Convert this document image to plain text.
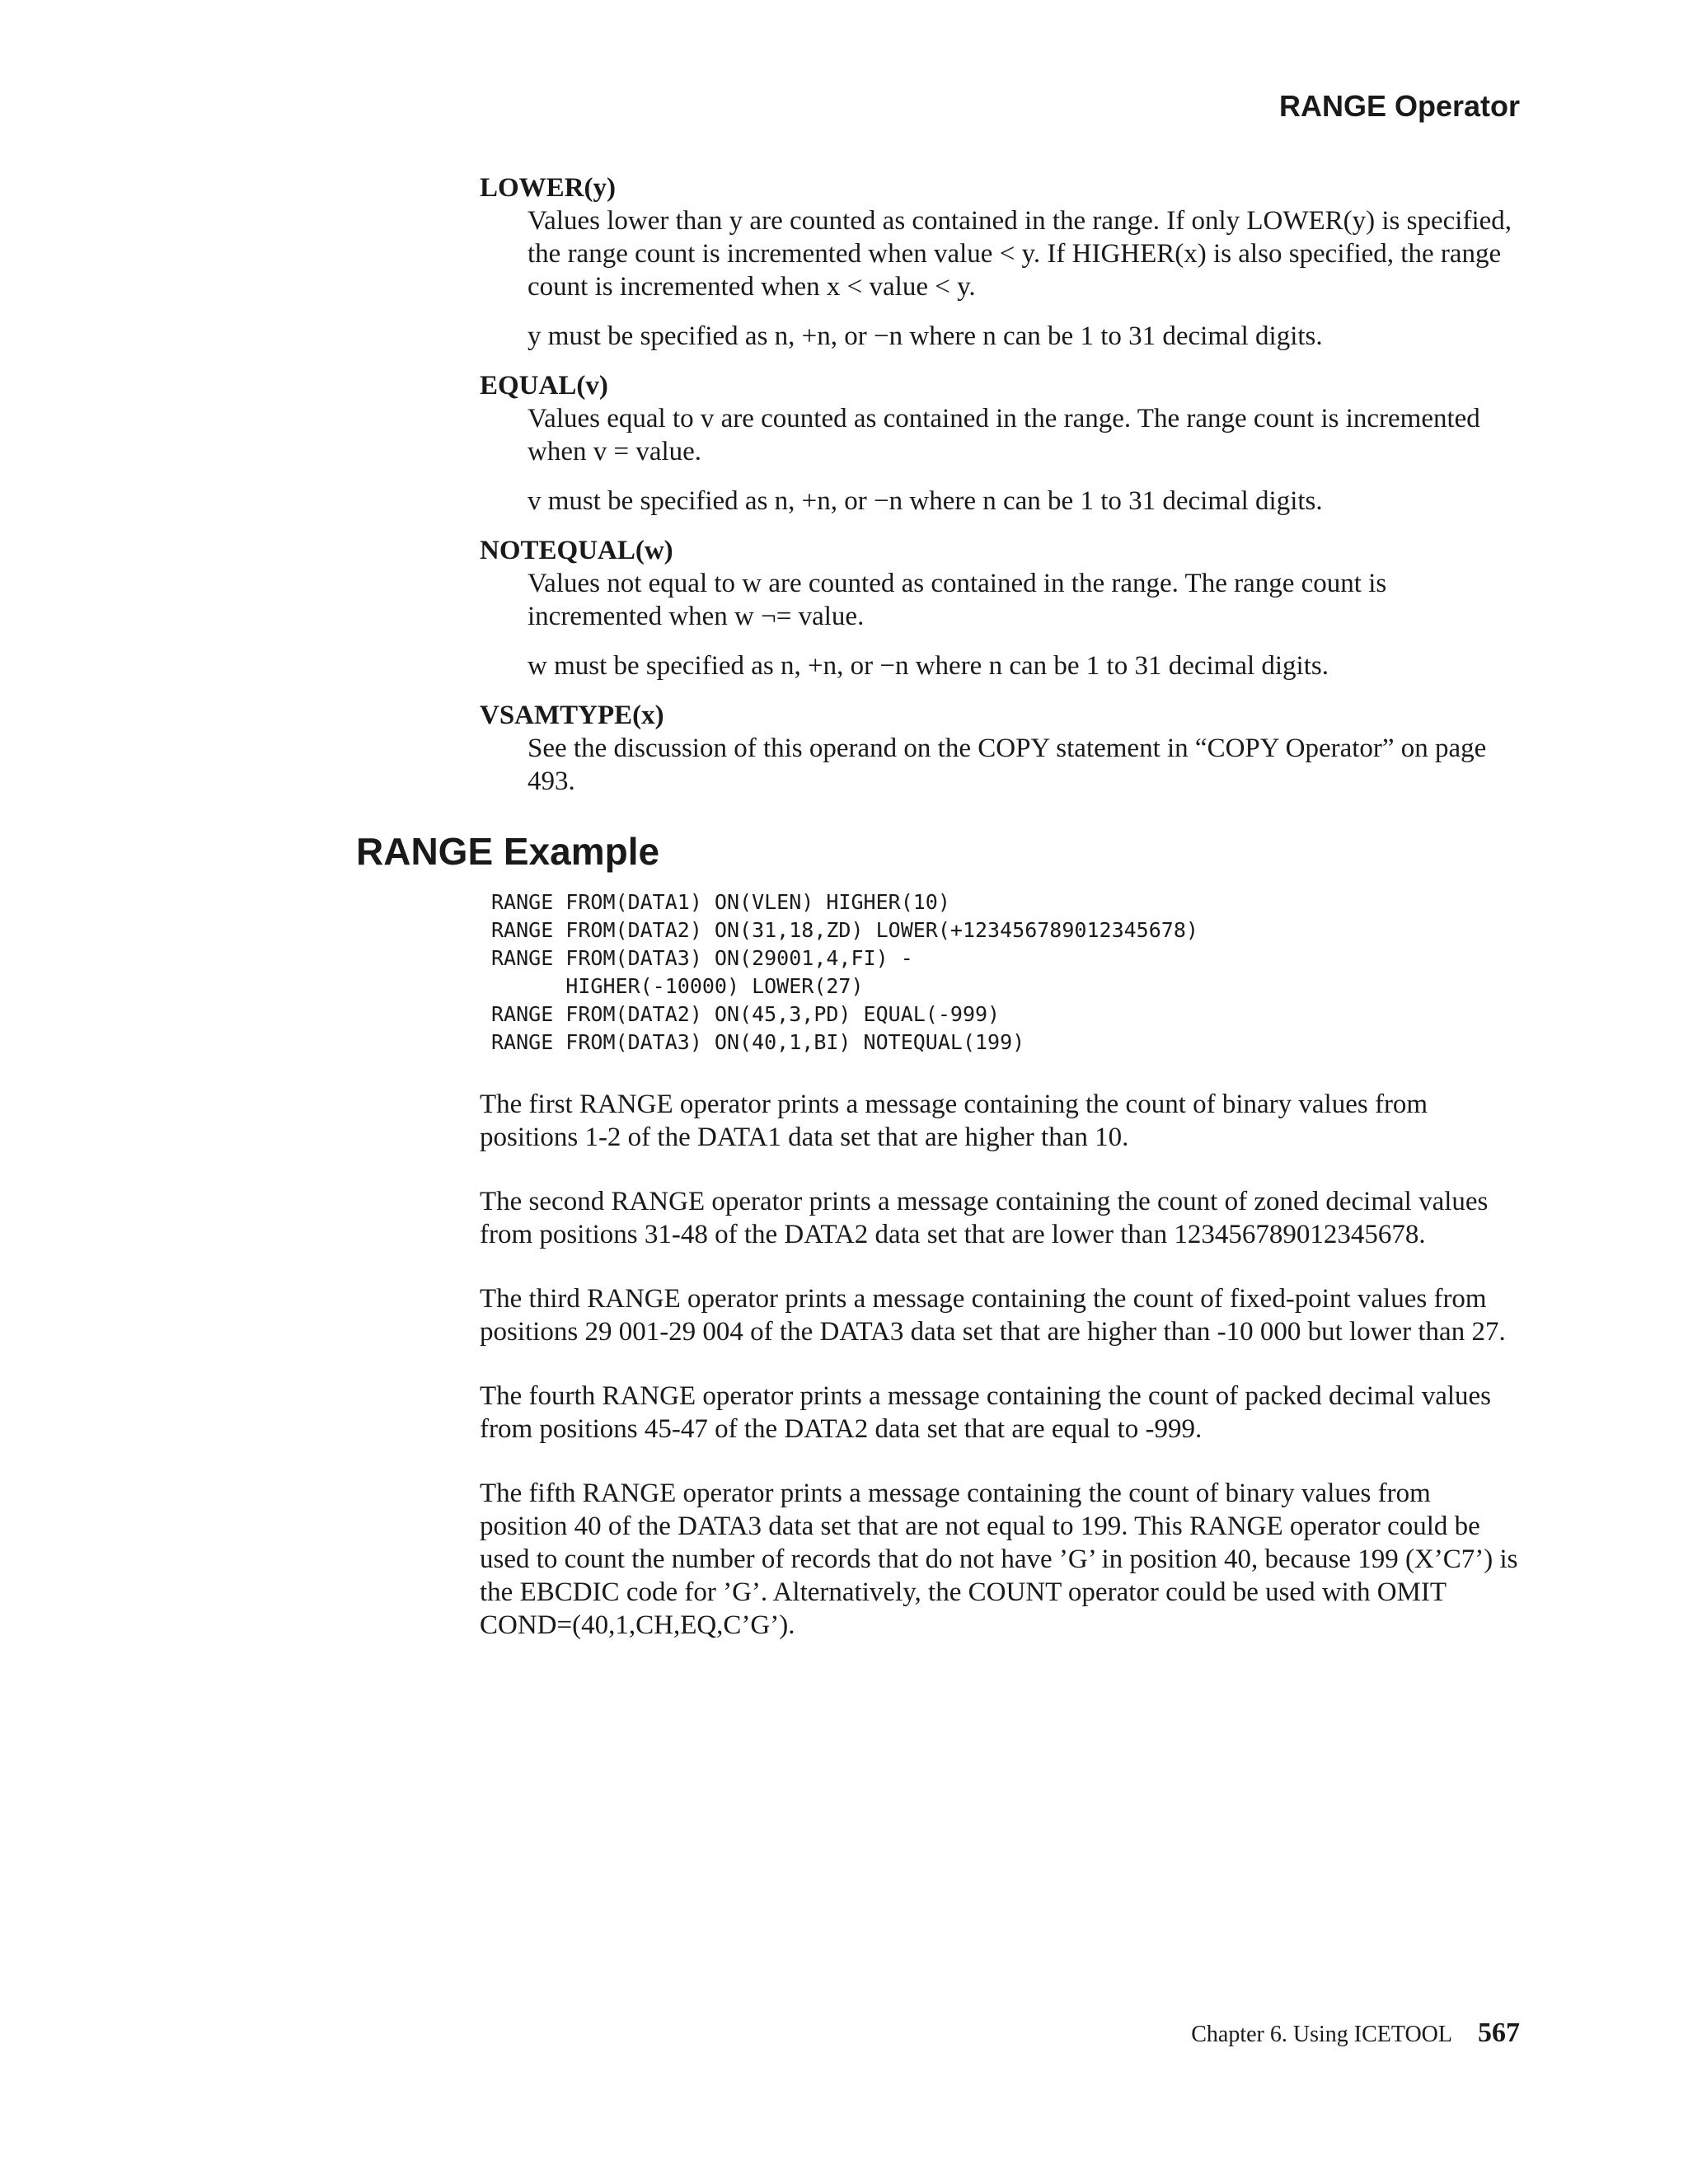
RANGE Operator

LOWER(y)

Values lower than y are counted as contained in the range. If only LOWER(y) is specified, the range count is incremented when value < y. If HIGHER(x) is also specified, the range count is incremented when x < value < y.

y must be specified as n, +n, or −n where n can be 1 to 31 decimal digits.

EQUAL(v)

Values equal to v are counted as contained in the range. The range count is incremented when v = value.

v must be specified as n, +n, or −n where n can be 1 to 31 decimal digits.

NOTEQUAL(w)

Values not equal to w are counted as contained in the range. The range count is incremented when w ¬= value.

w must be specified as n, +n, or −n where n can be 1 to 31 decimal digits.

VSAMTYPE(x)

See the discussion of this operand on the COPY statement in “COPY Operator” on page 493.

RANGE Example
RANGE FROM(DATA1) ON(VLEN) HIGHER(10)
RANGE FROM(DATA2) ON(31,18,ZD) LOWER(+123456789012345678)
RANGE FROM(DATA3) ON(29001,4,FI) -
HIGHER(-10000) LOWER(27)
RANGE FROM(DATA2) ON(45,3,PD) EQUAL(-999)
RANGE FROM(DATA3) ON(40,1,BI) NOTEQUAL(199)

The first RANGE operator prints a message containing the count of binary values from positions 1-2 of the DATA1 data set that are higher than 10.

The second RANGE operator prints a message containing the count of zoned decimal values from positions 31-48 of the DATA2 data set that are lower than 123456789012345678.

The third RANGE operator prints a message containing the count of fixed-point values from positions 29 001-29 004 of the DATA3 data set that are higher than -10 000 but lower than 27.

The fourth RANGE operator prints a message containing the count of packed decimal values from positions 45-47 of the DATA2 data set that are equal to -999.

The fifth RANGE operator prints a message containing the count of binary values from position 40 of the DATA3 data set that are not equal to 199. This RANGE operator could be used to count the number of records that do not have ’G’ in position 40, because 199 (X’C7’) is the EBCDIC code for ’G’. Alternatively, the COUNT operator could be used with OMIT COND=(40,1,CH,EQ,C’G’).

Chapter 6. Using ICETOOL 567
